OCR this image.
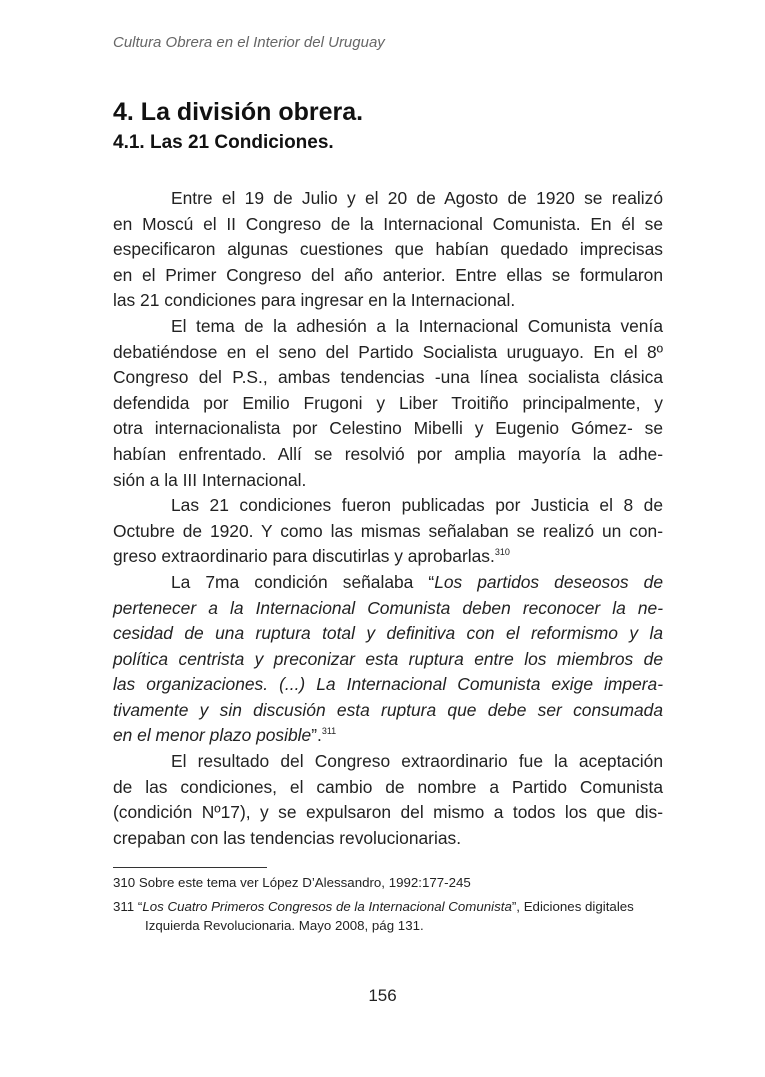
Cultura Obrera en el Interior del Uruguay
4. La división obrera.
4.1. Las 21 Condiciones.
Entre el 19 de Julio y el 20 de Agosto de 1920 se realizó
en Moscú el II Congreso de la Internacional Comunista. En él se
especificaron algunas cuestiones que habían quedado imprecisas
en el Primer Congreso del año anterior. Entre ellas se formularon
las 21 condiciones para ingresar en la Internacional.
El tema de la adhesión a la Internacional Comunista venía
debatiéndose en el seno del Partido Socialista uruguayo. En el 8º
Congreso del P.S., ambas tendencias -una línea socialista clásica
defendida por Emilio Frugoni y Liber Troitiño principalmente, y
otra internacionalista por Celestino Mibelli y Eugenio Gómez- se
habían enfrentado. Allí se resolvió por amplia mayoría la adhe-
sión a la III Internacional.
Las 21 condiciones fueron publicadas por Justicia el 8 de
Octubre de 1920. Y como las mismas señalaban se realizó un con-
greso extraordinario para discutirlas y aprobarlas.$^{310}$
La 7ma condición señalaba “Los partidos deseosos de
pertenecer a la Internacional Comunista deben reconocer la ne-
cesidad de una ruptura total y definitiva con el reformismo y la
política centrista y preconizar esta ruptura entre los miembros de
las organizaciones. (...) La Internacional Comunista exige impera-
tivamente y sin discusión esta ruptura que debe ser consumada
en el menor plazo posible”.$^{311}$
El resultado del Congreso extraordinario fue la aceptación
de las condiciones, el cambio de nombre a Partido Comunista
(condición Nº17), y se expulsaron del mismo a todos los que dis-
crepaban con las tendencias revolucionarias.
310 Sobre este tema ver López D’Alessandro, 1992:177-245
311 “Los Cuatro Primeros Congresos de la Internacional Comunista”, Ediciones digitales
Izquierda Revolucionaria. Mayo 2008, pág 131.
156
